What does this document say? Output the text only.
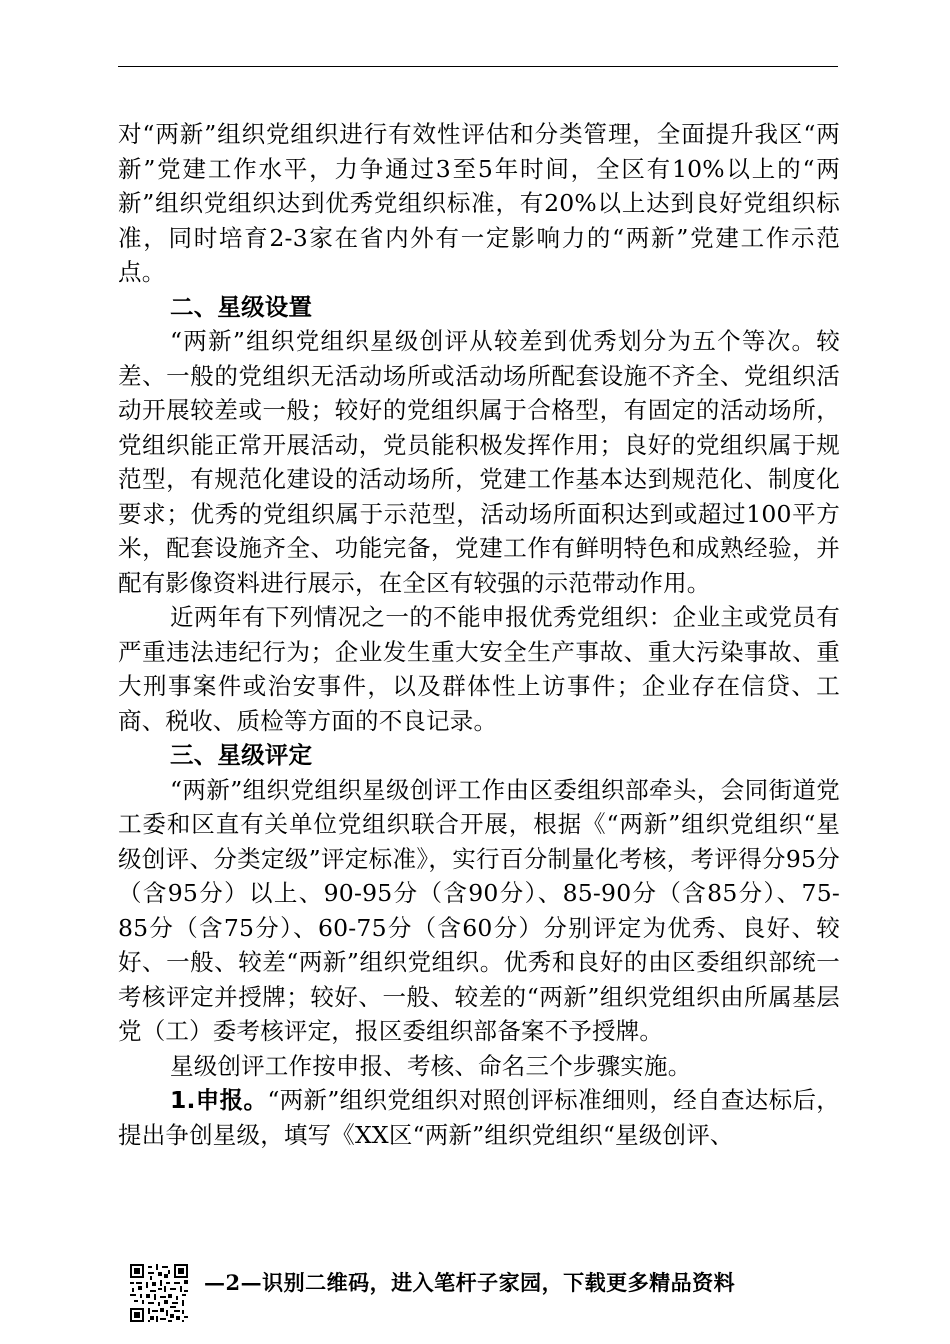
对“两新”组织党组织进行有效性评估和分类管理，全面提升我区“两新”党建工作水平，力争通过3至5年时间，全区有10%以上的“两新”组织党组织达到优秀党组织标准，有20%以上达到良好党组织标准，同时培育2-3家在省内外有一定影响力的“两新”党建工作示范点。

二、星级设置

“两新”组织党组织星级创评从较差到优秀划分为五个等次。较差、一般的党组织无活动场所或活动场所配套设施不齐全、党组织活动开展较差或一般；较好的党组织属于合格型，有固定的活动场所，党组织能正常开展活动，党员能积极发挥作用；良好的党组织属于规范型，有规范化建设的活动场所，党建工作基本达到规范化、制度化要求；优秀的党组织属于示范型，活动场所面积达到或超过100平方米，配套设施齐全、功能完备，党建工作有鲜明特色和成熟经验，并配有影像资料进行展示，在全区有较强的示范带动作用。

近两年有下列情况之一的不能申报优秀党组织：企业主或党员有严重违法违纪行为；企业发生重大安全生产事故、重大污染事故、重大刑事案件或治安事件，以及群体性上访事件；企业存在信贷、工商、税收、质检等方面的不良记录。

三、星级评定

“两新”组织党组织星级创评工作由区委组织部牵头，会同街道党工委和区直有关单位党组织联合开展，根据《“两新”组织党组织“星级创评、分类定级”评定标准》，实行百分制量化考核，考评得分95分（含95分）以上、90-95分（含90分）、85-90分（含85分）、75-85分（含75分）、60-75分（含60分）分别评定为优秀、良好、较好、一般、较差“两新”组织党组织。优秀和良好的由区委组织部统一考核评定并授牌；较好、一般、较差的“两新”组织党组织由所属基层党（工）委考核评定，报区委组织部备案不予授牌。

星级创评工作按申报、考核、命名三个步骤实施。

1.申报。“两新”组织党组织对照创评标准细则，经自查达标后，提出争创星级，填写《XX区“两新”组织党组织“星级创评、

—2—识别二维码，进入笔杆子家园，下载更多精品资料
